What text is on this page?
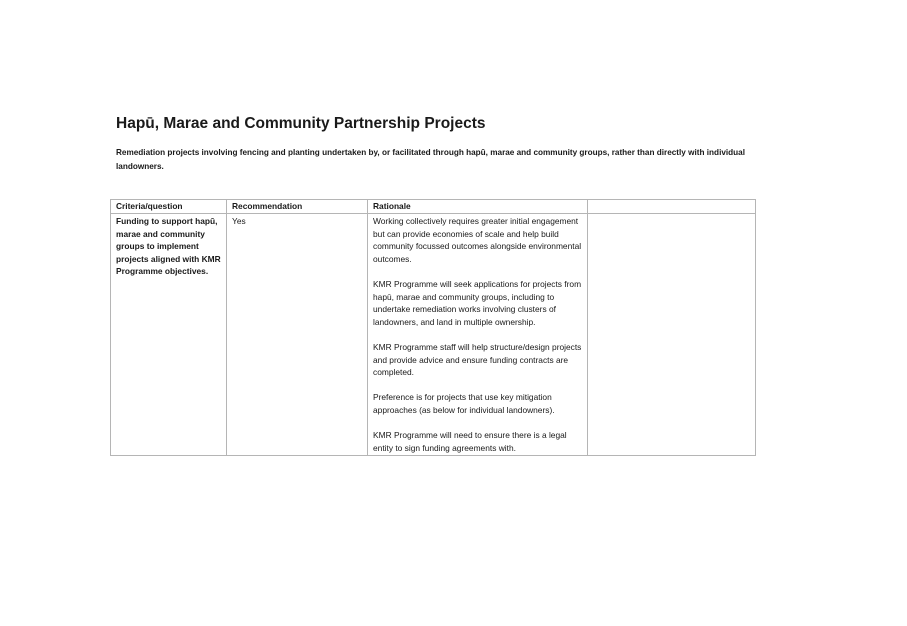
Hapū, Marae and Community Partnership Projects
Remediation projects involving fencing and planting undertaken by, or facilitated through hapū, marae and community groups, rather than directly with individual landowners.
Criteria/question	Recommendation	Rationale	

Funding to support hapū, marae and community groups to implement projects aligned with KMR Programme objectives.	Yes	Working collectively requires greater initial engagement but can provide economies of scale and help build community focussed outcomes alongside environmental outcomes.

KMR Programme will seek applications for projects from hapū, marae and community groups, including to undertake remediation works involving clusters of landowners, and land in multiple ownership.

KMR Programme staff will help structure/design projects and provide advice and ensure funding contracts are completed.

Preference is for projects that use key mitigation approaches (as below for individual landowners).

KMR Programme will need to ensure there is a legal entity to sign funding agreements with.	
